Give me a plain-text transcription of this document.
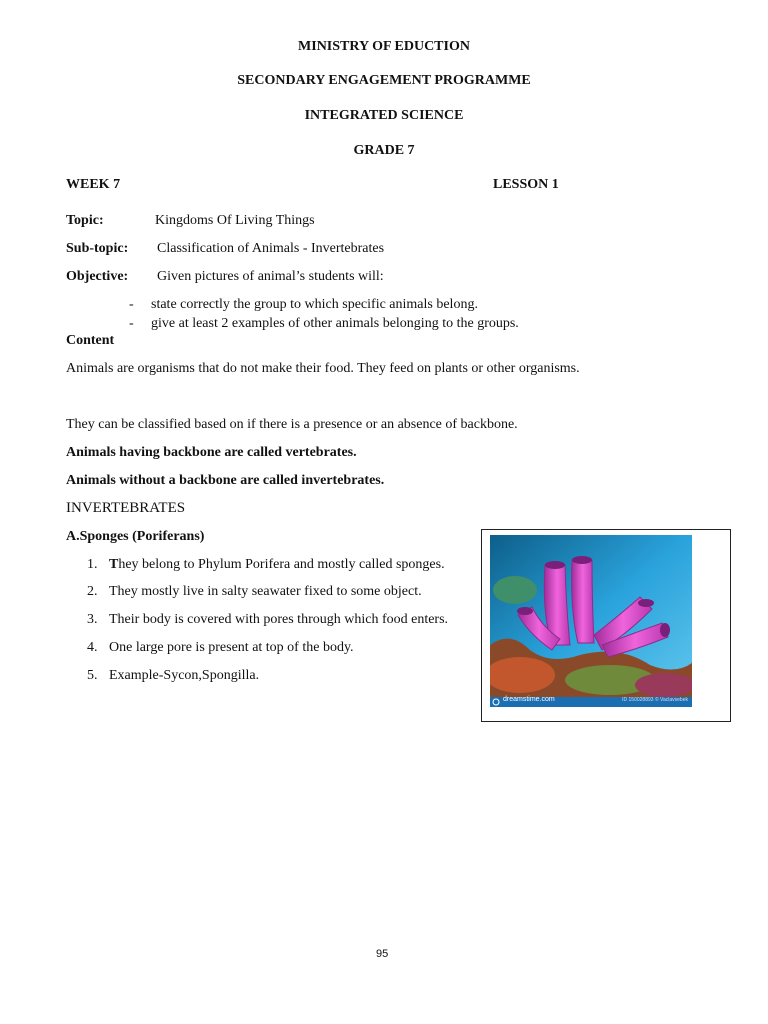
MINISTRY OF EDUCTION
SECONDARY ENGAGEMENT PROGRAMME
INTEGRATED SCIENCE
GRADE 7
WEEK 7	LESSON 1
Topic:	Kingdoms Of Living Things
Sub-topic: Classification of Animals - Invertebrates
Objective: Given pictures of animal’s students will:
- state correctly the group to which specific animals belong.
- give at least 2 examples of other animals belonging to the groups.
Content
Animals are organisms that do not make their food. They feed on plants or other organisms.
They can be classified based on if there is a presence or an absence of backbone.
Animals having backbone are called vertebrates.
Animals without a backbone are called invertebrates.
INVERTEBRATES
A.Sponges (Poriferans)
1. They belong to Phylum Porifera and mostly called sponges.
2. They mostly live in salty seawater fixed to some object.
3. Their body is covered with pores through which food enters.
4. One large pore is present at top of the body.
5. Example-Sycon,Spongilla.
dreamstime.com	ID 150028893 © Vaclavsebek
95
